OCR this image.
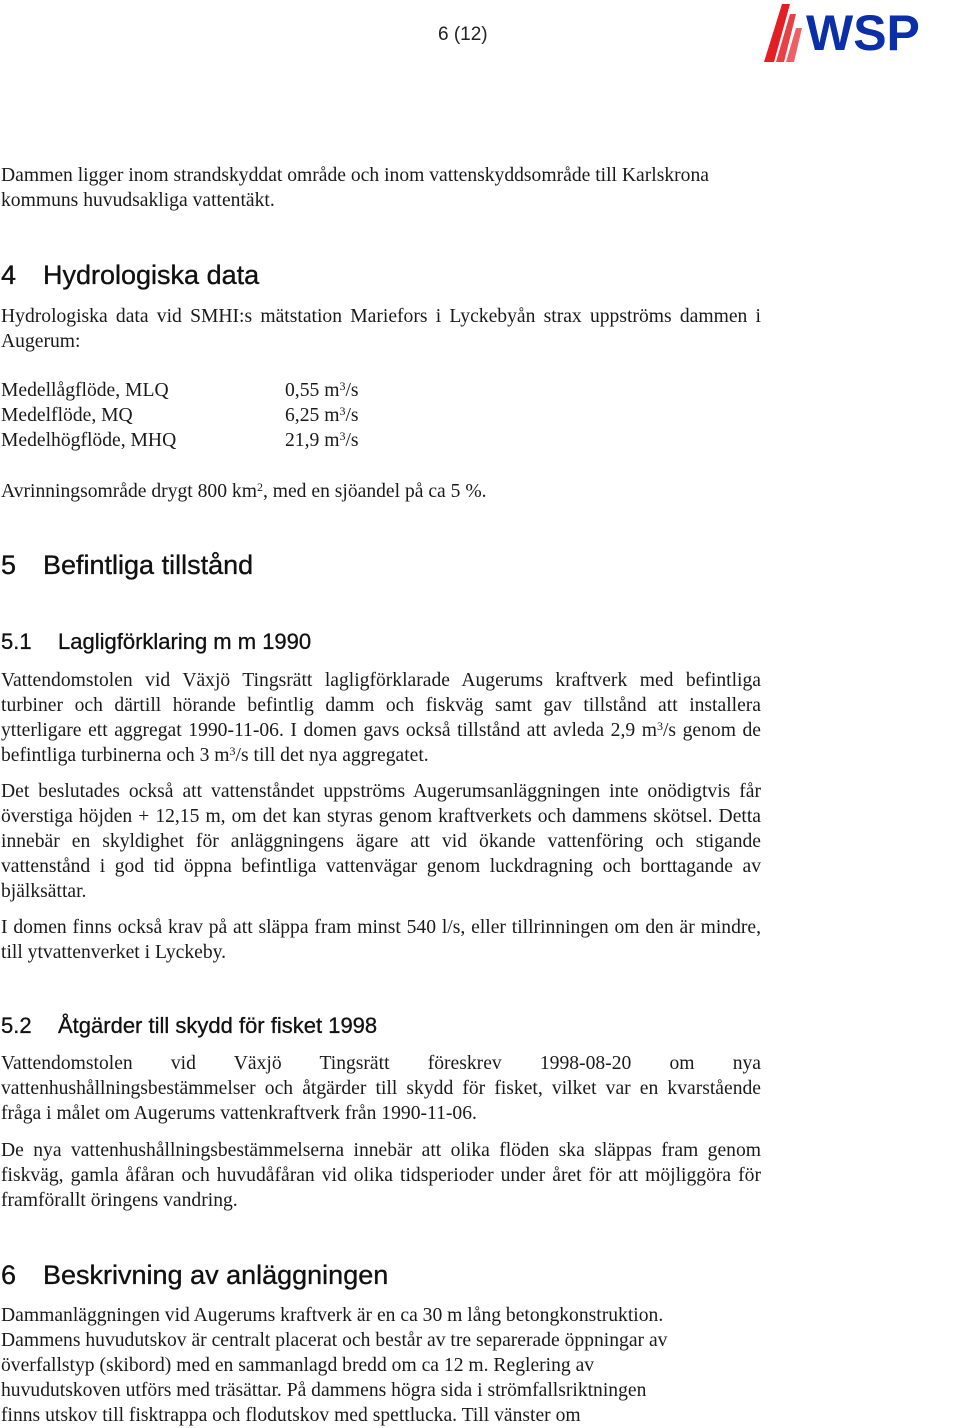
6 (12)	WSP

Dammen ligger inom strandskyddat område och inom vattenskyddsområde till Karlskrona kommuns huvudsakliga vattentäkt.

4 Hydrologiska data

Hydrologiska data vid SMHI:s mätstation Mariefors i Lyckebyån strax uppströms dammen i Augerum:

Medellågflöde, MLQ	0,55 $m^3/s$
Medelflöde, MQ	6,25 $m^3/s$
Medelhögflöde, MHQ	21,9 $m^3/s$

Avrinningsområde drygt 800 $km^2$, med en sjöandel på ca 5 %.

5 Befintliga tillstånd
5.1 Lagligförklaring m m 1990

Vattendomstolen vid Växjö Tingsrätt lagligförklarade Augerums kraftverk med befintliga turbiner och därtill hörande befintlig damm och fiskväg samt gav tillstånd att installera ytterligare ett aggregat 1990-11-06. I domen gavs också tillstånd att avleda 2,9 $m^3/s$ genom de befintliga turbinerna och 3 $m^3/s$ till det nya aggregatet.

Det beslutades också att vattenståndet uppströms Augerumsanläggningen inte onödigtvis får överstiga höjden + 12,15 m, om det kan styras genom kraftverkets och dammens skötsel. Detta innebär en skyldighet för anläggningens ägare att vid ökande vattenföring och stigande vattenstånd i god tid öppna befintliga vattenvägar genom luckdragning och borttagande av bjälksättar.

I domen finns också krav på att släppa fram minst 540 l/s, eller tillrinningen om den är mindre, till ytvattenverket i Lyckeby.

5.2 Åtgärder till skydd för fisket 1998

Vattendomstolen vid Växjö Tingsrätt föreskrev 1998-08-20 om nya vattenhushållningsbestämmelser och åtgärder till skydd för fisket, vilket var en kvarstående fråga i målet om Augerums vattenkraftverk från 1990-11-06.

De nya vattenhushållningsbestämmelserna innebär att olika flöden ska släppas fram genom fiskväg, gamla åfåran och huvudåfåran vid olika tidsperioder under året för att möjliggöra för framförallt öringens vandring.

6 Beskrivning av anläggningen
Dammanläggningen vid Augerums kraftverk är en ca 30 m lång betongkonstruktion.
Dammens huvudutskov är centralt placerat och består av tre separerade öppningar av
överfallstyp (skibord) med en sammanlagd bredd om ca 12 m. Reglering av
huvudutskoven utförs med träsättar. På dammens högra sida i strömfallsriktningen
finns utskov till fisktrappa och flodutskov med spettlucka. Till vänster om
